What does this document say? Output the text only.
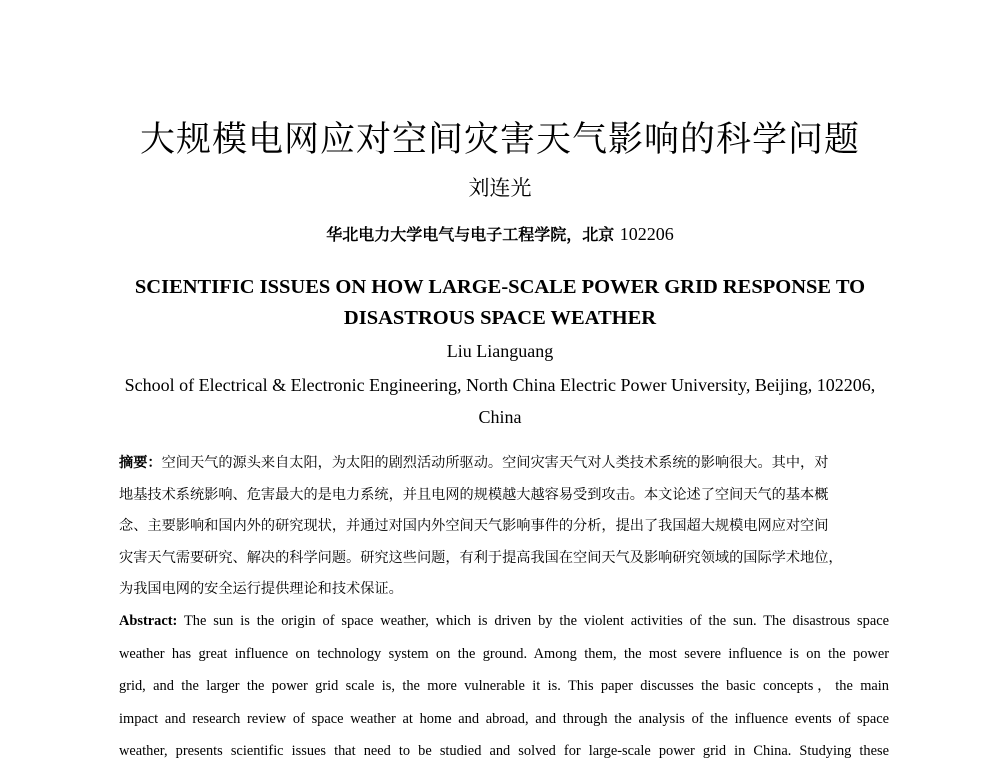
大规模电网应对空间灾害天气影响的科学问题
刘连光
华北电力大学电气与电子工程学院，北京 102206
SCIENTIFIC ISSUES ON HOW LARGE-SCALE POWER GRID RESPONSE TO
DISASTROUS SPACE WEATHER
Liu Lianguang
School of Electrical & Electronic Engineering, North China Electric Power University, Beijing, 102206,
China
摘要：空间天气的源头来自太阳，为太阳的剧烈活动所驱动。空间灾害天气对人类技术系统的影响很大。其中，对
地基技术系统影响、危害最大的是电力系统，并且电网的规模越大越容易受到攻击。本文论述了空间天气的基本概
念、主要影响和国内外的研究现状，并通过对国内外空间天气影响事件的分析，提出了我国超大规模电网应对空间
灾害天气需要研究、解决的科学问题。研究这些问题，有利于提高我国在空间天气及影响研究领域的国际学术地位，
为我国电网的安全运行提供理论和技术保证。
Abstract: The sun is the origin of space weather, which is driven by the violent activities of the sun. The disastrous space
weather has great influence on technology system on the ground. Among them, the most severe influence is on the power
grid, and the larger the power grid scale is, the more vulnerable it is. This paper discusses the basic concepts，the main
impact and research review of space weather at home and abroad, and through the analysis of the influence events of space
weather, presents scientific issues that need to be studied and solved for large-scale power grid in China. Studying these
